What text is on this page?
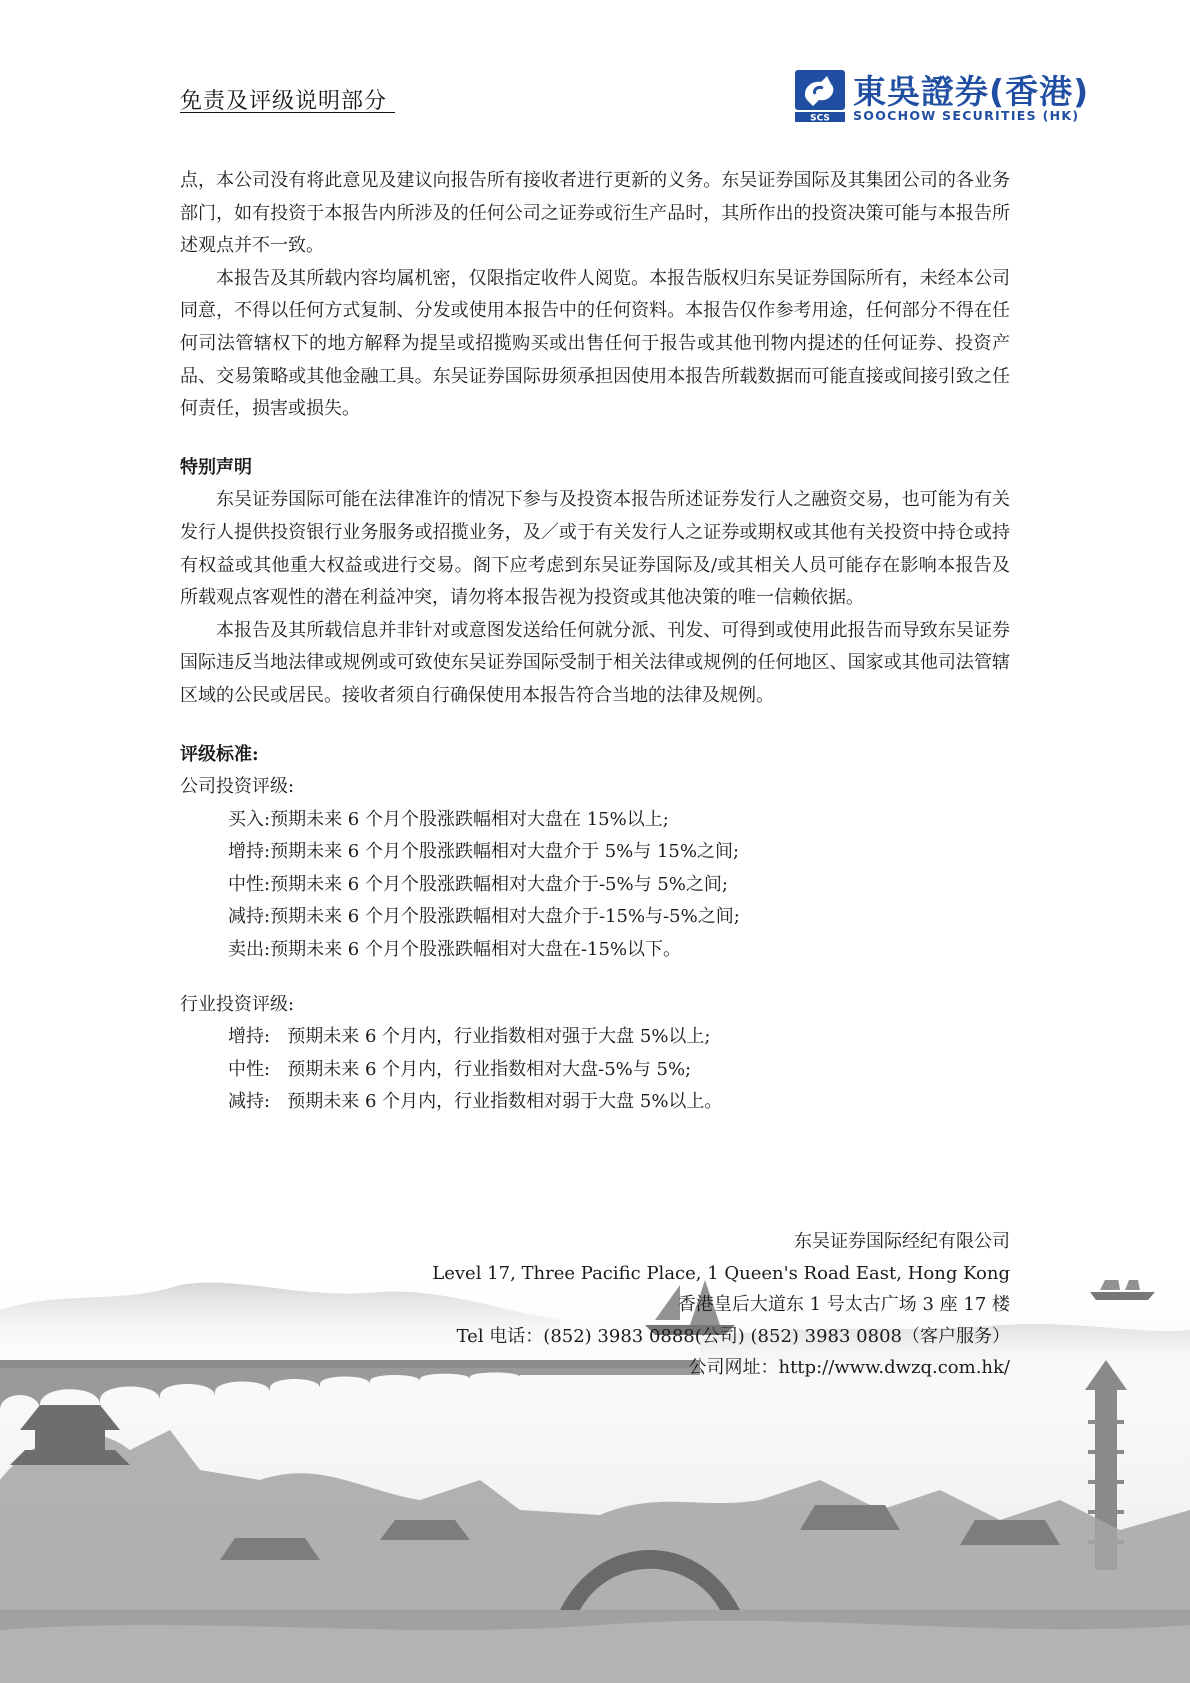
免责及评级说明部分
SCS
東吳證券(香港)
SOOCHOW SECURITIES (HK)

点，本公司没有将此意见及建议向报告所有接收者进行更新的义务。东吴证券国际及其集团公司的各业务部门，如有投资于本报告内所涉及的任何公司之证券或衍生产品时，其所作出的投资决策可能与本报告所述观点并不一致。

本报告及其所载内容均属机密，仅限指定收件人阅览。本报告版权归东吴证券国际所有，未经本公司同意，不得以任何方式复制、分发或使用本报告中的任何资料。本报告仅作参考用途，任何部分不得在任何司法管辖权下的地方解释为提呈或招揽购买或出售任何于报告或其他刊物内提述的任何证券、投资产品、交易策略或其他金融工具。东吴证券国际毋须承担因使用本报告所载数据而可能直接或间接引致之任何责任，损害或损失。

特别声明

东吴证券国际可能在法律准许的情况下参与及投资本报告所述证券发行人之融资交易，也可能为有关发行人提供投资银行业务服务或招揽业务，及／或于有关发行人之证券或期权或其他有关投资中持仓或持有权益或其他重大权益或进行交易。阁下应考虑到东吴证券国际及/或其相关人员可能存在影响本报告及所载观点客观性的潜在利益冲突，请勿将本报告视为投资或其他决策的唯一信赖依据。

本报告及其所载信息并非针对或意图发送给任何就分派、刊发、可得到或使用此报告而导致东吴证券国际违反当地法律或规例或可致使东吴证券国际受制于相关法律或规例的任何地区、国家或其他司法管辖区域的公民或居民。接收者须自行确保使用本报告符合当地的法律及规例。

评级标准:

公司投资评级:

买入:预期未来 6 个月个股涨跌幅相对大盘在 15%以上;

增持:预期未来 6 个月个股涨跌幅相对大盘介于 5%与 15%之间;

中性:预期未来 6 个月个股涨跌幅相对大盘介于-5%与 5%之间;

减持:预期未来 6 个月个股涨跌幅相对大盘介于-15%与-5%之间;

卖出:预期未来 6 个月个股涨跌幅相对大盘在-15%以下。

行业投资评级:

增持: 预期未来 6 个月内，行业指数相对强于大盘 5%以上;

中性: 预期未来 6 个月内，行业指数相对大盘-5%与 5%;

减持: 预期未来 6 个月内，行业指数相对弱于大盘 5%以上。

东吴证券国际经纪有限公司
Level 17, Three Pacific Place, 1 Queen's Road East, Hong Kong
香港皇后大道东 1 号太古广场 3 座 17 楼
Tel 电话：(852) 3983 0888(公司) (852) 3983 0808（客户服务）
公司网址：http://www.dwzq.com.hk/
